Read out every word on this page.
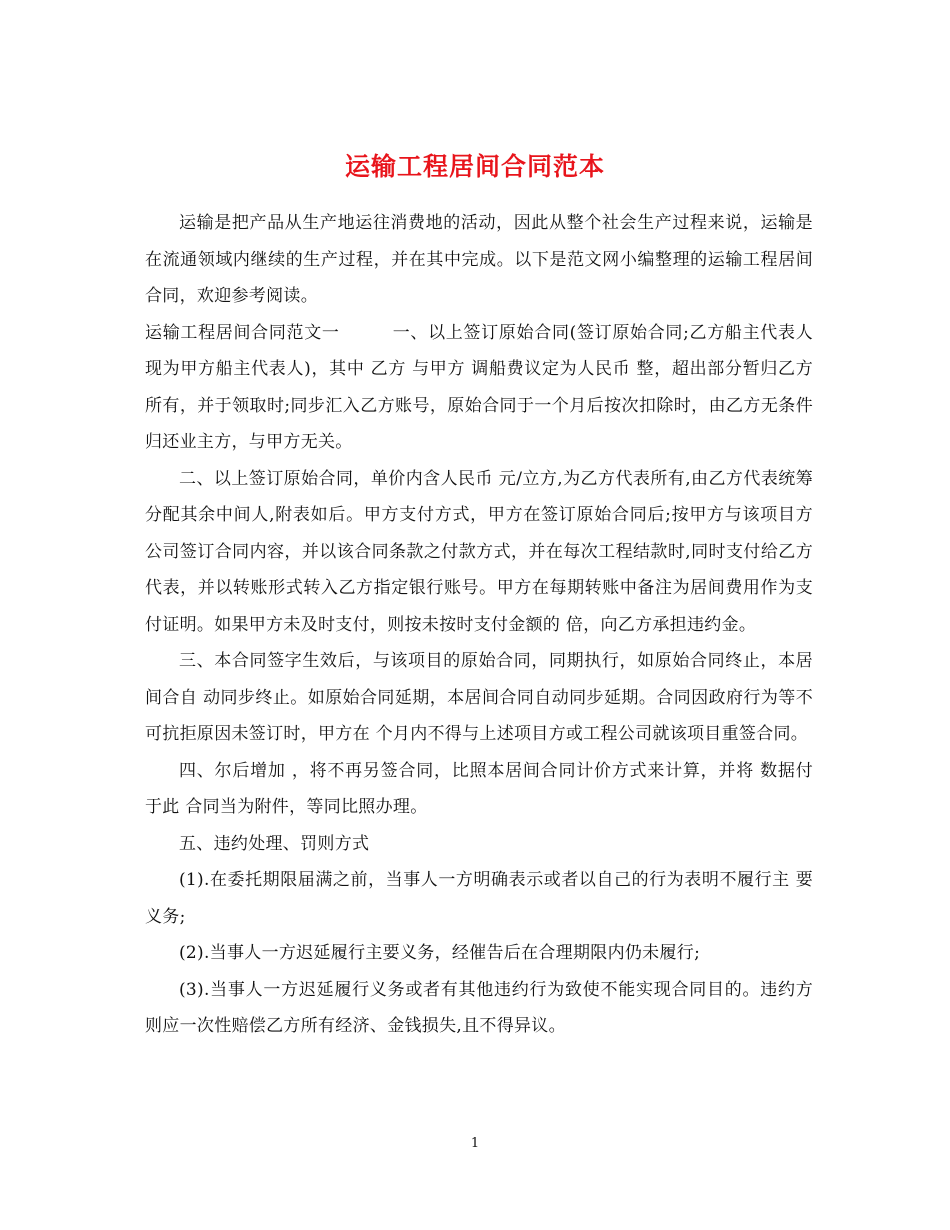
运输工程居间合同范本

运输是把产品从生产地运往消费地的活动，因此从整个社会生产过程来说，运输是在流通领域内继续的生产过程，并在其中完成。以下是范文网小编整理的运输工程居间合同，欢迎参考阅读。

运输工程居间合同范文一　　　一、以上签订原始合同(签订原始合同;乙方船主代表人现为甲方船主代表人)，其中 乙方 与甲方 调船费议定为人民币 整，超出部分暂归乙方所有，并于领取时;同步汇入乙方账号，原始合同于一个月后按次扣除时，由乙方无条件归还业主方，与甲方无关。

二、以上签订原始合同，单价内含人民币 元/立方,为乙方代表所有,由乙方代表统筹分配其余中间人,附表如后。甲方支付方式，甲方在签订原始合同后;按甲方与该项目方公司签订合同内容，并以该合同条款之付款方式，并在每次工程结款时,同时支付给乙方代表，并以转账形式转入乙方指定银行账号。甲方在每期转账中备注为居间费用作为支付证明。如果甲方未及时支付，则按未按时支付金额的 倍，向乙方承担违约金。

三、本合同签字生效后，与该项目的原始合同，同期执行，如原始合同终止，本居间合自 动同步终止。如原始合同延期，本居间合同自动同步延期。合同因政府行为等不可抗拒原因未签订时，甲方在 个月内不得与上述项目方或工程公司就该项目重签合同。

四、尔后增加 ，将不再另签合同，比照本居间合同计价方式来计算，并将 数据付于此 合同当为附件，等同比照办理。

五、违约处理、罚则方式

(1).在委托期限届满之前，当事人一方明确表示或者以自己的行为表明不履行主 要义务;

(2).当事人一方迟延履行主要义务，经催告后在合理期限内仍未履行;

(3).当事人一方迟延履行义务或者有其他违约行为致使不能实现合同目的。违约方则应一次性赔偿乙方所有经济、金钱损失,且不得异议。

1
